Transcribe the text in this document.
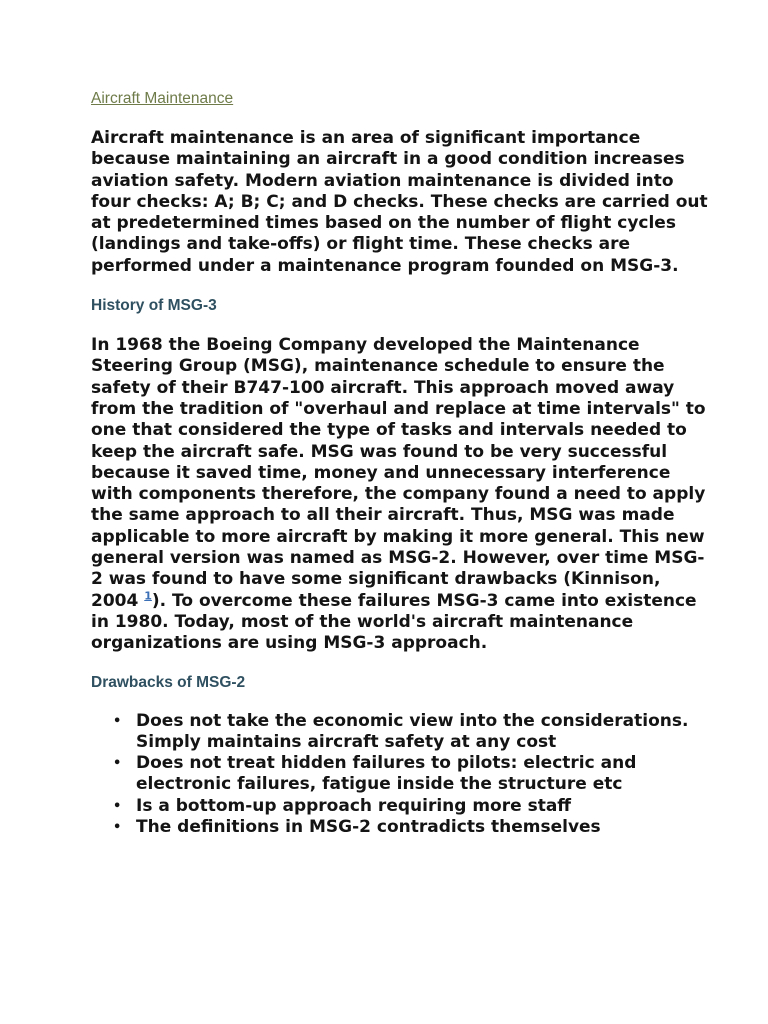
Aircraft Maintenance

Aircraft maintenance is an area of significant importance because maintaining an aircraft in a good condition increases aviation safety. Modern aviation maintenance is divided into four checks: A; B; C; and D checks. These checks are carried out at predetermined times based on the number of flight cycles (landings and take-offs) or flight time. These checks are performed under a maintenance program founded on MSG-3.

History of MSG-3

In 1968 the Boeing Company developed the Maintenance Steering Group (MSG), maintenance schedule to ensure the safety of their B747-100 aircraft. This approach moved away from the tradition of "overhaul and replace at time intervals" to one that considered the type of tasks and intervals needed to keep the aircraft safe. MSG was found to be very successful because it saved time, money and unnecessary interference with components therefore, the company found a need to apply the same approach to all their aircraft. Thus, MSG was made applicable to more aircraft by making it more general. This new general version was named as MSG-2. However, over time MSG-2 was found to have some significant drawbacks (Kinnison, 2004 $^1$). To overcome these failures MSG-3 came into existence in 1980. Today, most of the world's aircraft maintenance organizations are using MSG-3 approach.

Drawbacks of MSG-2
• Does not take the economic view into the considerations. Simply maintains aircraft safety at any cost
• Does not treat hidden failures to pilots: electric and electronic failures, fatigue inside the structure etc
• Is a bottom-up approach requiring more staff
• The definitions in MSG-2 contradicts themselves
